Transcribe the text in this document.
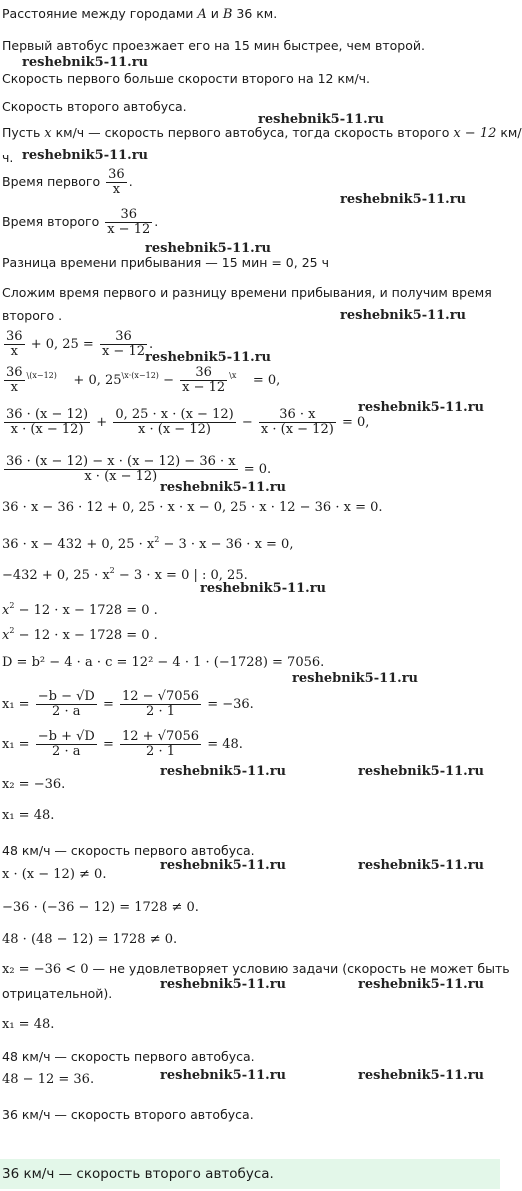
Расстояние между городами A и B 36 км.
Первый автобус проезжает его на 15 мин быстрее, чем второй.
reshebnik5-11.ru
Скорость первого больше скорости второго на 12 км/ч.
Скорость второго автобуса.
reshebnik5-11.ru
Пусть x км/ч — скорость первого автобуса, тогда скорость второго x − 12 км/
ч. reshebnik5-11.ru
Время первого $\frac{36}{x}$ .
Время второго $\frac{36}{x - 12}$ .
reshebnik5-11.ru
reshebnik5-11.ru
Разница времени прибывания — 15 мин = 0, 25 ч
Сложим время первого и разницу времени прибывания, и получим время
второго .	reshebnik5-11.ru
$\frac{36}{x} + 0$, $25 = \frac{36}{x - 12}$ .
reshebnik5-11.ru
$\frac{36}{x} ^{\backslash(x-12)} + 0$, $25^{\backslash x\cdot(x-12)} - \frac{36}{x - 12} ^{\backslash x} = 0$,
$\frac{36 \cdot (x - 12)}{x \cdot (x - 12)} + \frac{0, 25 \cdot x \cdot (x - 12)}{x \cdot (x - 12)} - \frac{36 \cdot x}{x \cdot (x - 12)} = 0$,
reshebnik5-11.ru
$\frac{36 \cdot (x - 12) - x \cdot (x - 12) - 36 \cdot x}{x \cdot (x - 12)} = 0$.
reshebnik5-11.ru
36 · x − 36 · 12 + 0, 25 · x · x − 0, 25 · x · 12 − 36 · x = 0.
36 · x − 432 + 0, $25 \cdot x^2 - 3 \cdot x - 36 \cdot x = 0$,
−432 + 0, $25 \cdot x^2 - 3 \cdot x = 0$ | : 0, 25.
reshebnik5-11.ru
$x^2 - 12 \cdot x - 1728 = 0$ .
$x^2 - 12 \cdot x - 1728 = 0$ .
D = b² − 4 · a · c = 12² − 4 · 1 · (−1728) = 7056.
reshebnik5-11.ru
$x_1 = \frac{-b - √D}{2 \cdot a} = \frac{12 - √7056}{2 \cdot 1} = -36$.
$x_1 = \frac{-b + √D}{2 \cdot a} = \frac{12 + √7056}{2 \cdot 1} = 48$.
reshebnik5-11.ru	reshebnik5-11.ru
x₂ = −36.
x₁ = 48.
48 км/ч — скорость первого автобуса.
reshebnik5-11.ru	reshebnik5-11.ru
x · (x − 12) ≠ 0.
−36 · (−36 − 12) = 1728 ≠ 0.
48 · (48 − 12) = 1728 ≠ 0.
x₂ = −36 < 0 — не удовлетворяет условию задачи (скорость не может быть
отрицательной).
reshebnik5-11.ru	reshebnik5-11.ru
x₁ = 48.
48 км/ч — скорость первого автобуса.
48 − 12 = 36.	reshebnik5-11.ru	reshebnik5-11.ru
36 км/ч — скорость второго автобуса.
36 км/ч — скорость второго автобуса.
